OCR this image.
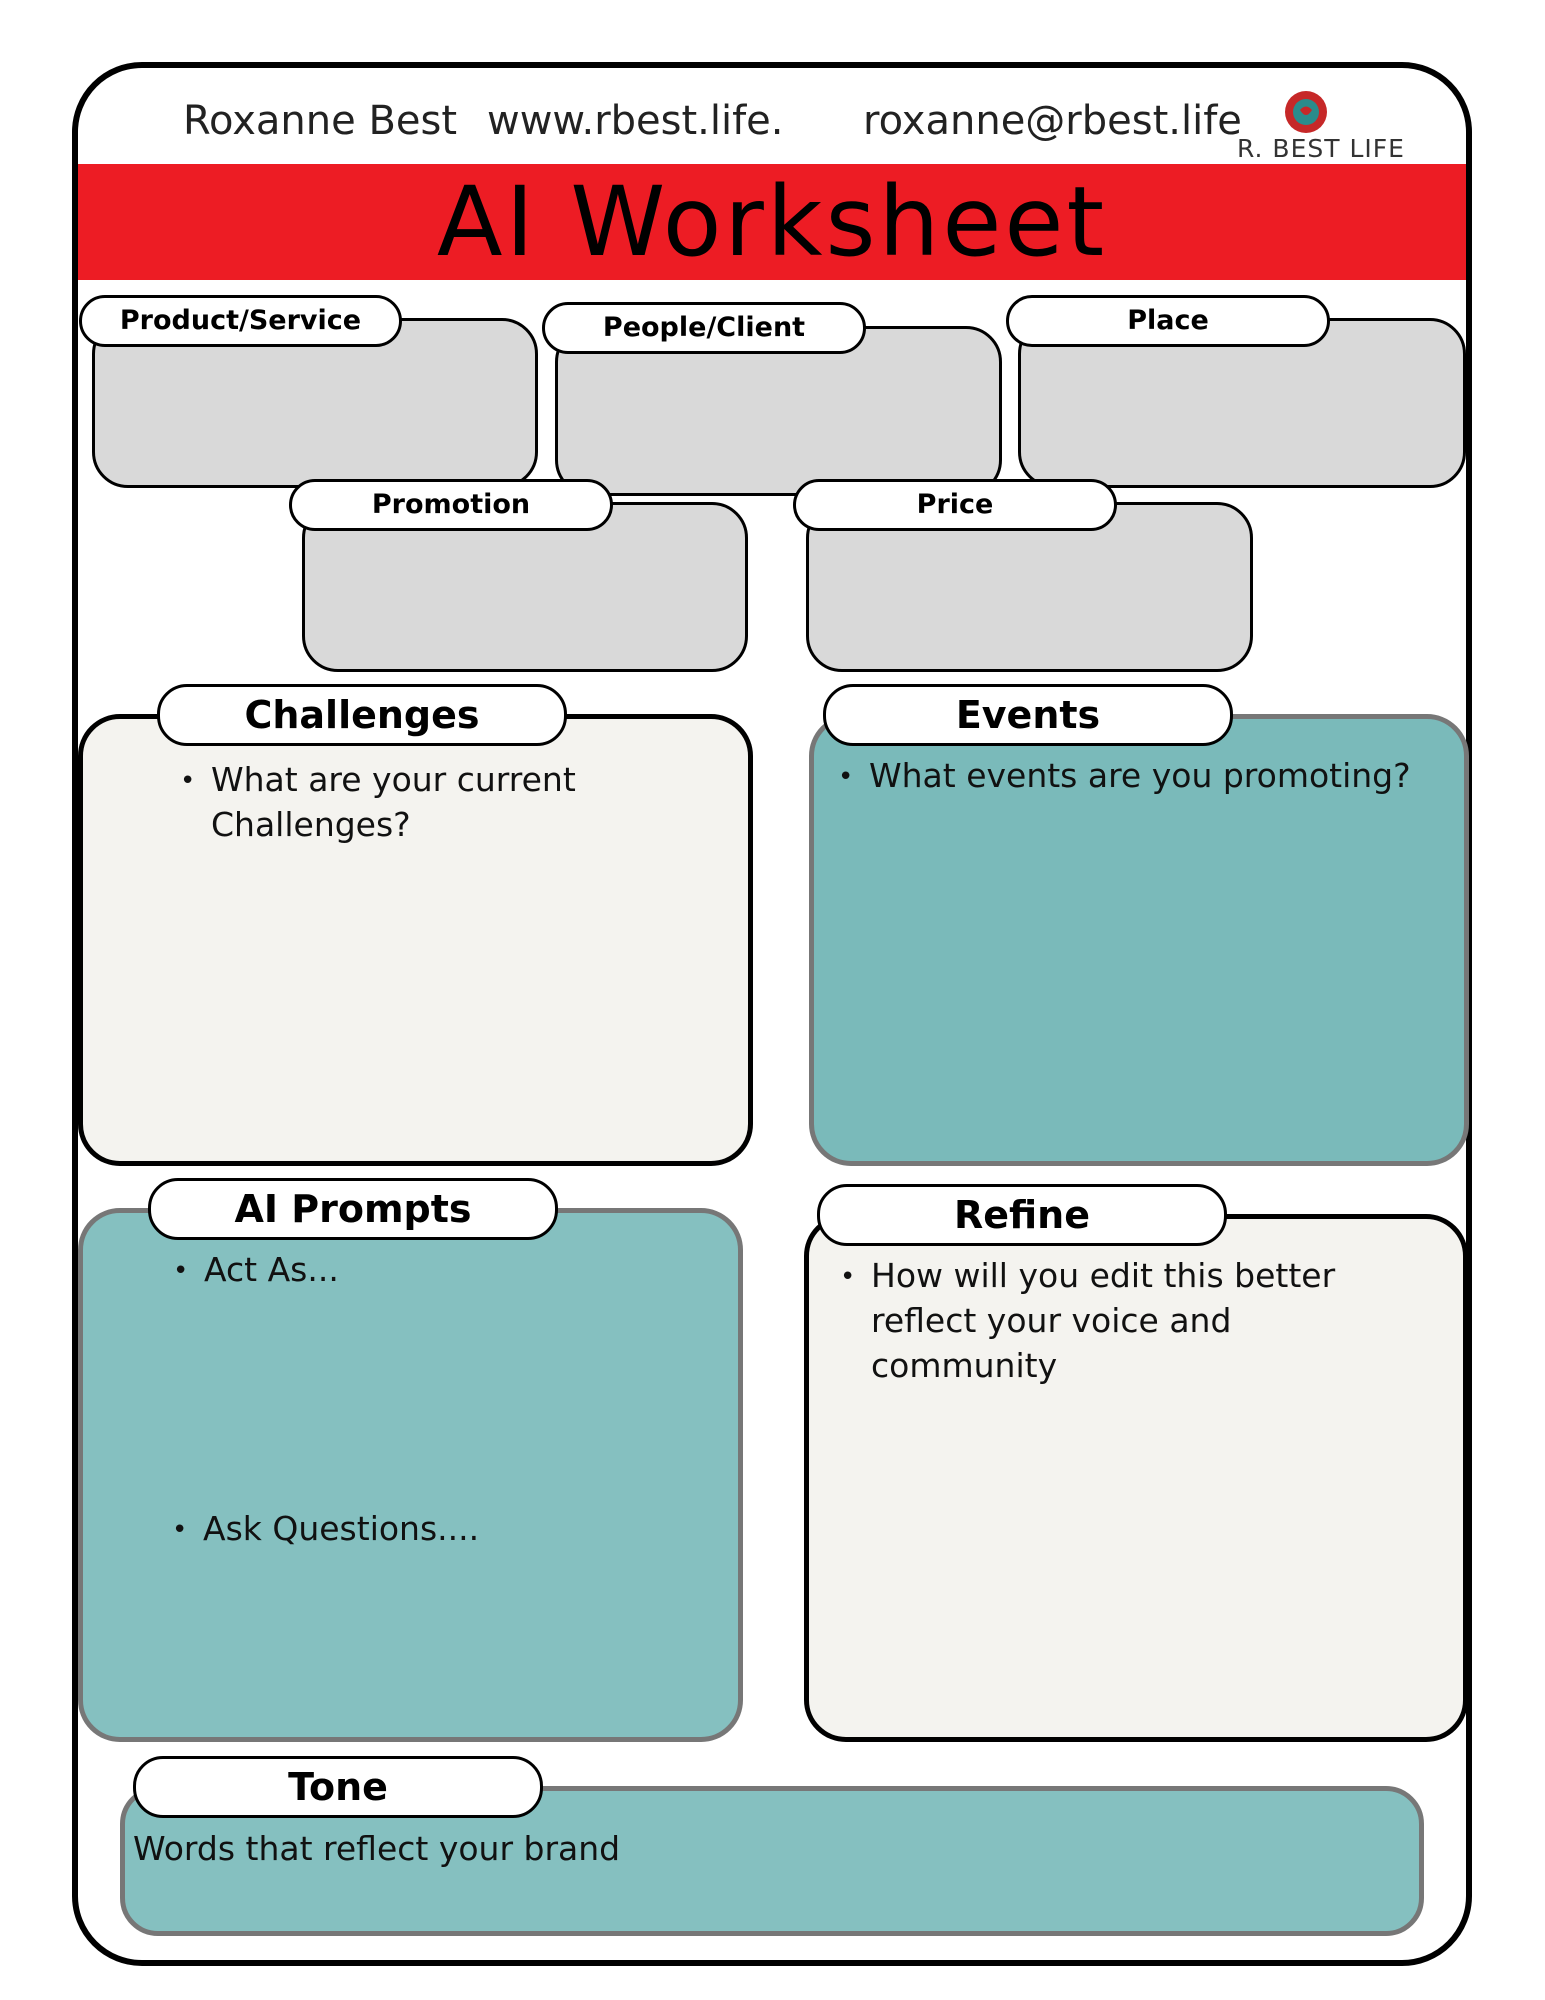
Roxanne Best www.rbest.life. roxanne@rbest.life
R. BEST LIFE
AI Worksheet
Product/Service	People/Client	Place
Promotion	Price
Challenges
• What are your current
Challenges?
Events
• What events are you promoting?
AI Prompts
• Act As...
• Ask Questions....
Refine
• How will you edit this better
reflect your voice and
community
Tone
Words that reflect your brand
